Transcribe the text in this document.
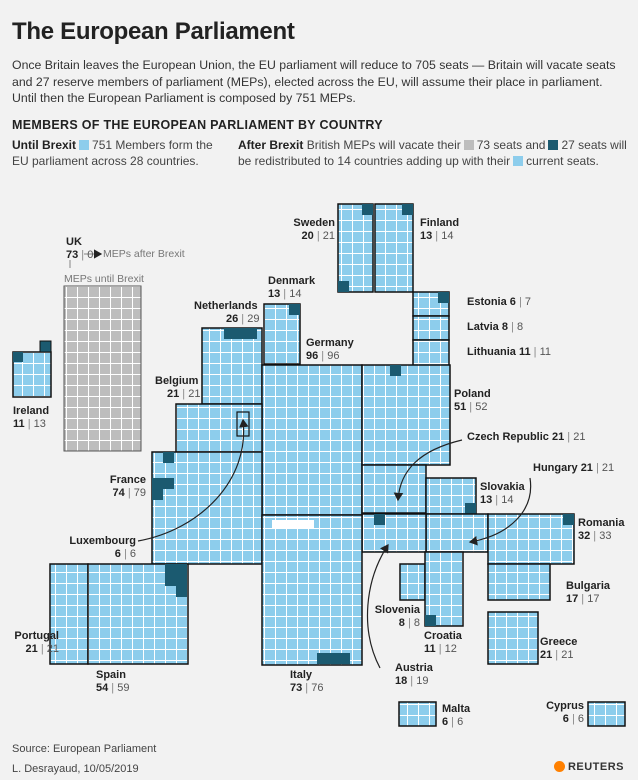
The European Parliament
Once Britain leaves the European Union, the EU parliament will reduce to 705 seats — Britain will vacate seats and 27 reserve members of parliament (MEPs), elected across the EU, will assume their place in parliament. Until then the European Parliament is composed by 751 MEPs.
MEMBERS OF THE EUROPEAN PARLIAMENT BY COUNTRY
Until Brexit 751 Members form the
EU parliament across 28 countries.
After Brexit British MEPs will vacate their 73 seats and 27 seats will
be redistributed to 14 countries adding up with their current seats.
UK
73 | 0 MEPs after Brexit
MEPs until Brexit
Ireland
11 | 13
Sweden
20 | 21
Finland
13 | 14
Denmark
13 | 14
Estonia 6 | 7
Latvia 8 | 8
Lithuania 11 | 11
Netherlands
26 | 29
Germany
96 | 96
Belgium
21 | 21	Poland
51 | 52
Czech Republic 21 | 21
Hungary 21 | 21
France
74 | 79	Slovakia
13 | 14
Luxembourg
6 | 6
Romania
32 | 33
Bulgaria
17 | 17
Portugal
21 | 21
Slovenia
8 | 8
Croatia
11 | 12
Greece
21 | 21
Spain
54 | 59
Italy
73 | 76
Austria
18 | 19
Malta
6 | 6
Cyprus
6 | 6
Source: European Parliament
L. Desrayaud, 10/05/2019	REUTERS
